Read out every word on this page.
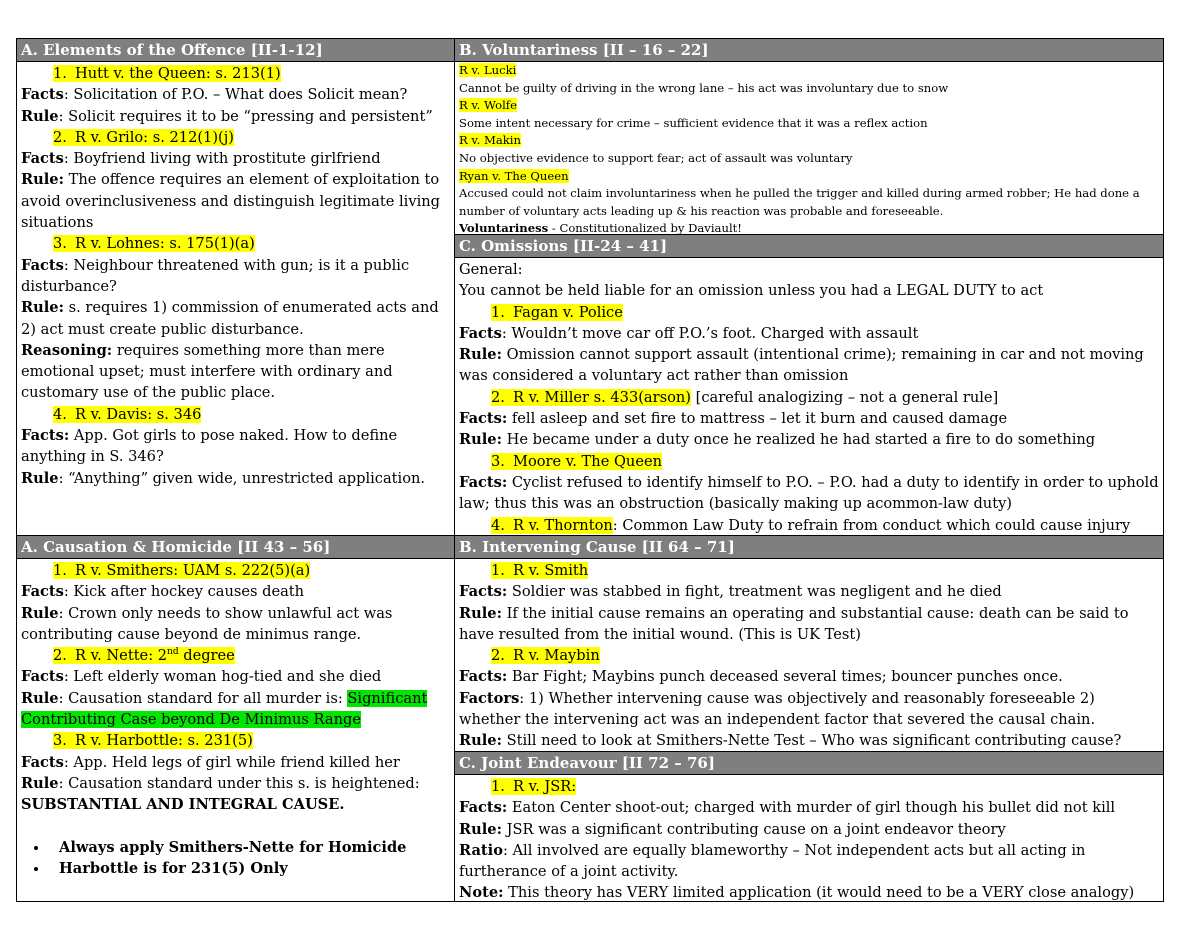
A. Elements of the Offence [II-1-12]
1. Hutt v. the Queen: s. 213(1)

Facts: Solicitation of P.O. – What does Solicit mean?

Rule: Solicit requires it to be “pressing and persistent”

2. R v. Grilo: s. 212(1)(j)

Facts: Boyfriend living with prostitute girlfriend

Rule: The offence requires an element of exploitation to avoid overinclusiveness and distinguish legitimate living situations

3. R v. Lohnes: s. 175(1)(a)

Facts: Neighbour threatened with gun; is it a public disturbance?

Rule: s. requires 1) commission of enumerated acts and 2) act must create public disturbance.

Reasoning: requires something more than mere emotional upset; must interfere with ordinary and customary use of the public place.

4. R v. Davis: s. 346

Facts: App. Got girls to pose naked. How to define anything in S. 346?

Rule: “Anything” given wide, unrestricted application.

B. Voluntariness [II – 16 – 22]

R v. Lucki

Cannot be guilty of driving in the wrong lane – his act was involuntary due to snow

R v. Wolfe

Some intent necessary for crime – sufficient evidence that it was a reflex action

R v. Makin

No objective evidence to support fear; act of assault was voluntary

Ryan v. The Queen

Accused could not claim involuntariness when he pulled the trigger and killed during armed robber; He had done a number of voluntary acts leading up & his reaction was probable and foreseeable.

Voluntariness - Constitutionalized by Daviault!

C. Omissions [II-24 – 41]

General:

You cannot be held liable for an omission unless you had a LEGAL DUTY to act

1. Fagan v. Police

Facts: Wouldn’t move car off P.O.’s foot. Charged with assault

Rule: Omission cannot support assault (intentional crime); remaining in car and not moving was considered a voluntary act rather than omission

2. R v. Miller s. 433(arson) [careful analogizing – not a general rule]

Facts: fell asleep and set fire to mattress – let it burn and caused damage

Rule: He became under a duty once he realized he had started a fire to do something

3. Moore v. The Queen

Facts: Cyclist refused to identify himself to P.O. – P.O. had a duty to identify in order to uphold law; thus this was an obstruction (basically making up acommon-law duty)

4. R v. Thornton: Common Law Duty to refrain from conduct which could cause injury
A. Causation & Homicide [II 43 – 56]
1. R v. Smithers: UAM s. 222(5)(a)

Facts: Kick after hockey causes death

Rule: Crown only needs to show unlawful act was contributing cause beyond de minimus range.

2. R v. Nette: 2nd degree

Facts: Left elderly woman hog-tied and she died

Rule: Causation standard for all murder is: Significant Contributing Case beyond De Minimus Range

3. R v. Harbottle: s. 231(5)

Facts: App. Held legs of girl while friend killed her

Rule: Causation standard under this s. is heightened: SUBSTANTIAL AND INTEGRAL CAUSE.

• Always apply Smithers-Nette for Homicide
• Harbottle is for 231(5) Only
B. Intervening Cause [II 64 – 71]
1. R v. Smith

Facts: Soldier was stabbed in fight, treatment was negligent and he died

Rule: If the initial cause remains an operating and substantial cause: death can be said to have resulted from the initial wound. (This is UK Test)

2. R v. Maybin

Facts: Bar Fight; Maybins punch deceased several times; bouncer punches once.

Factors: 1) Whether intervening cause was objectively and reasonably foreseeable 2) whether the intervening act was an independent factor that severed the causal chain.

Rule: Still need to look at Smithers-Nette Test – Who was significant contributing cause?

C. Joint Endeavour [II 72 – 76]
1. R v. JSR:

Facts: Eaton Center shoot-out; charged with murder of girl though his bullet did not kill

Rule: JSR was a significant contributing cause on a joint endeavor theory

Ratio: All involved are equally blameworthy – Not independent acts but all acting in furtherance of a joint activity.

Note: This theory has VERY limited application (it would need to be a VERY close analogy)
